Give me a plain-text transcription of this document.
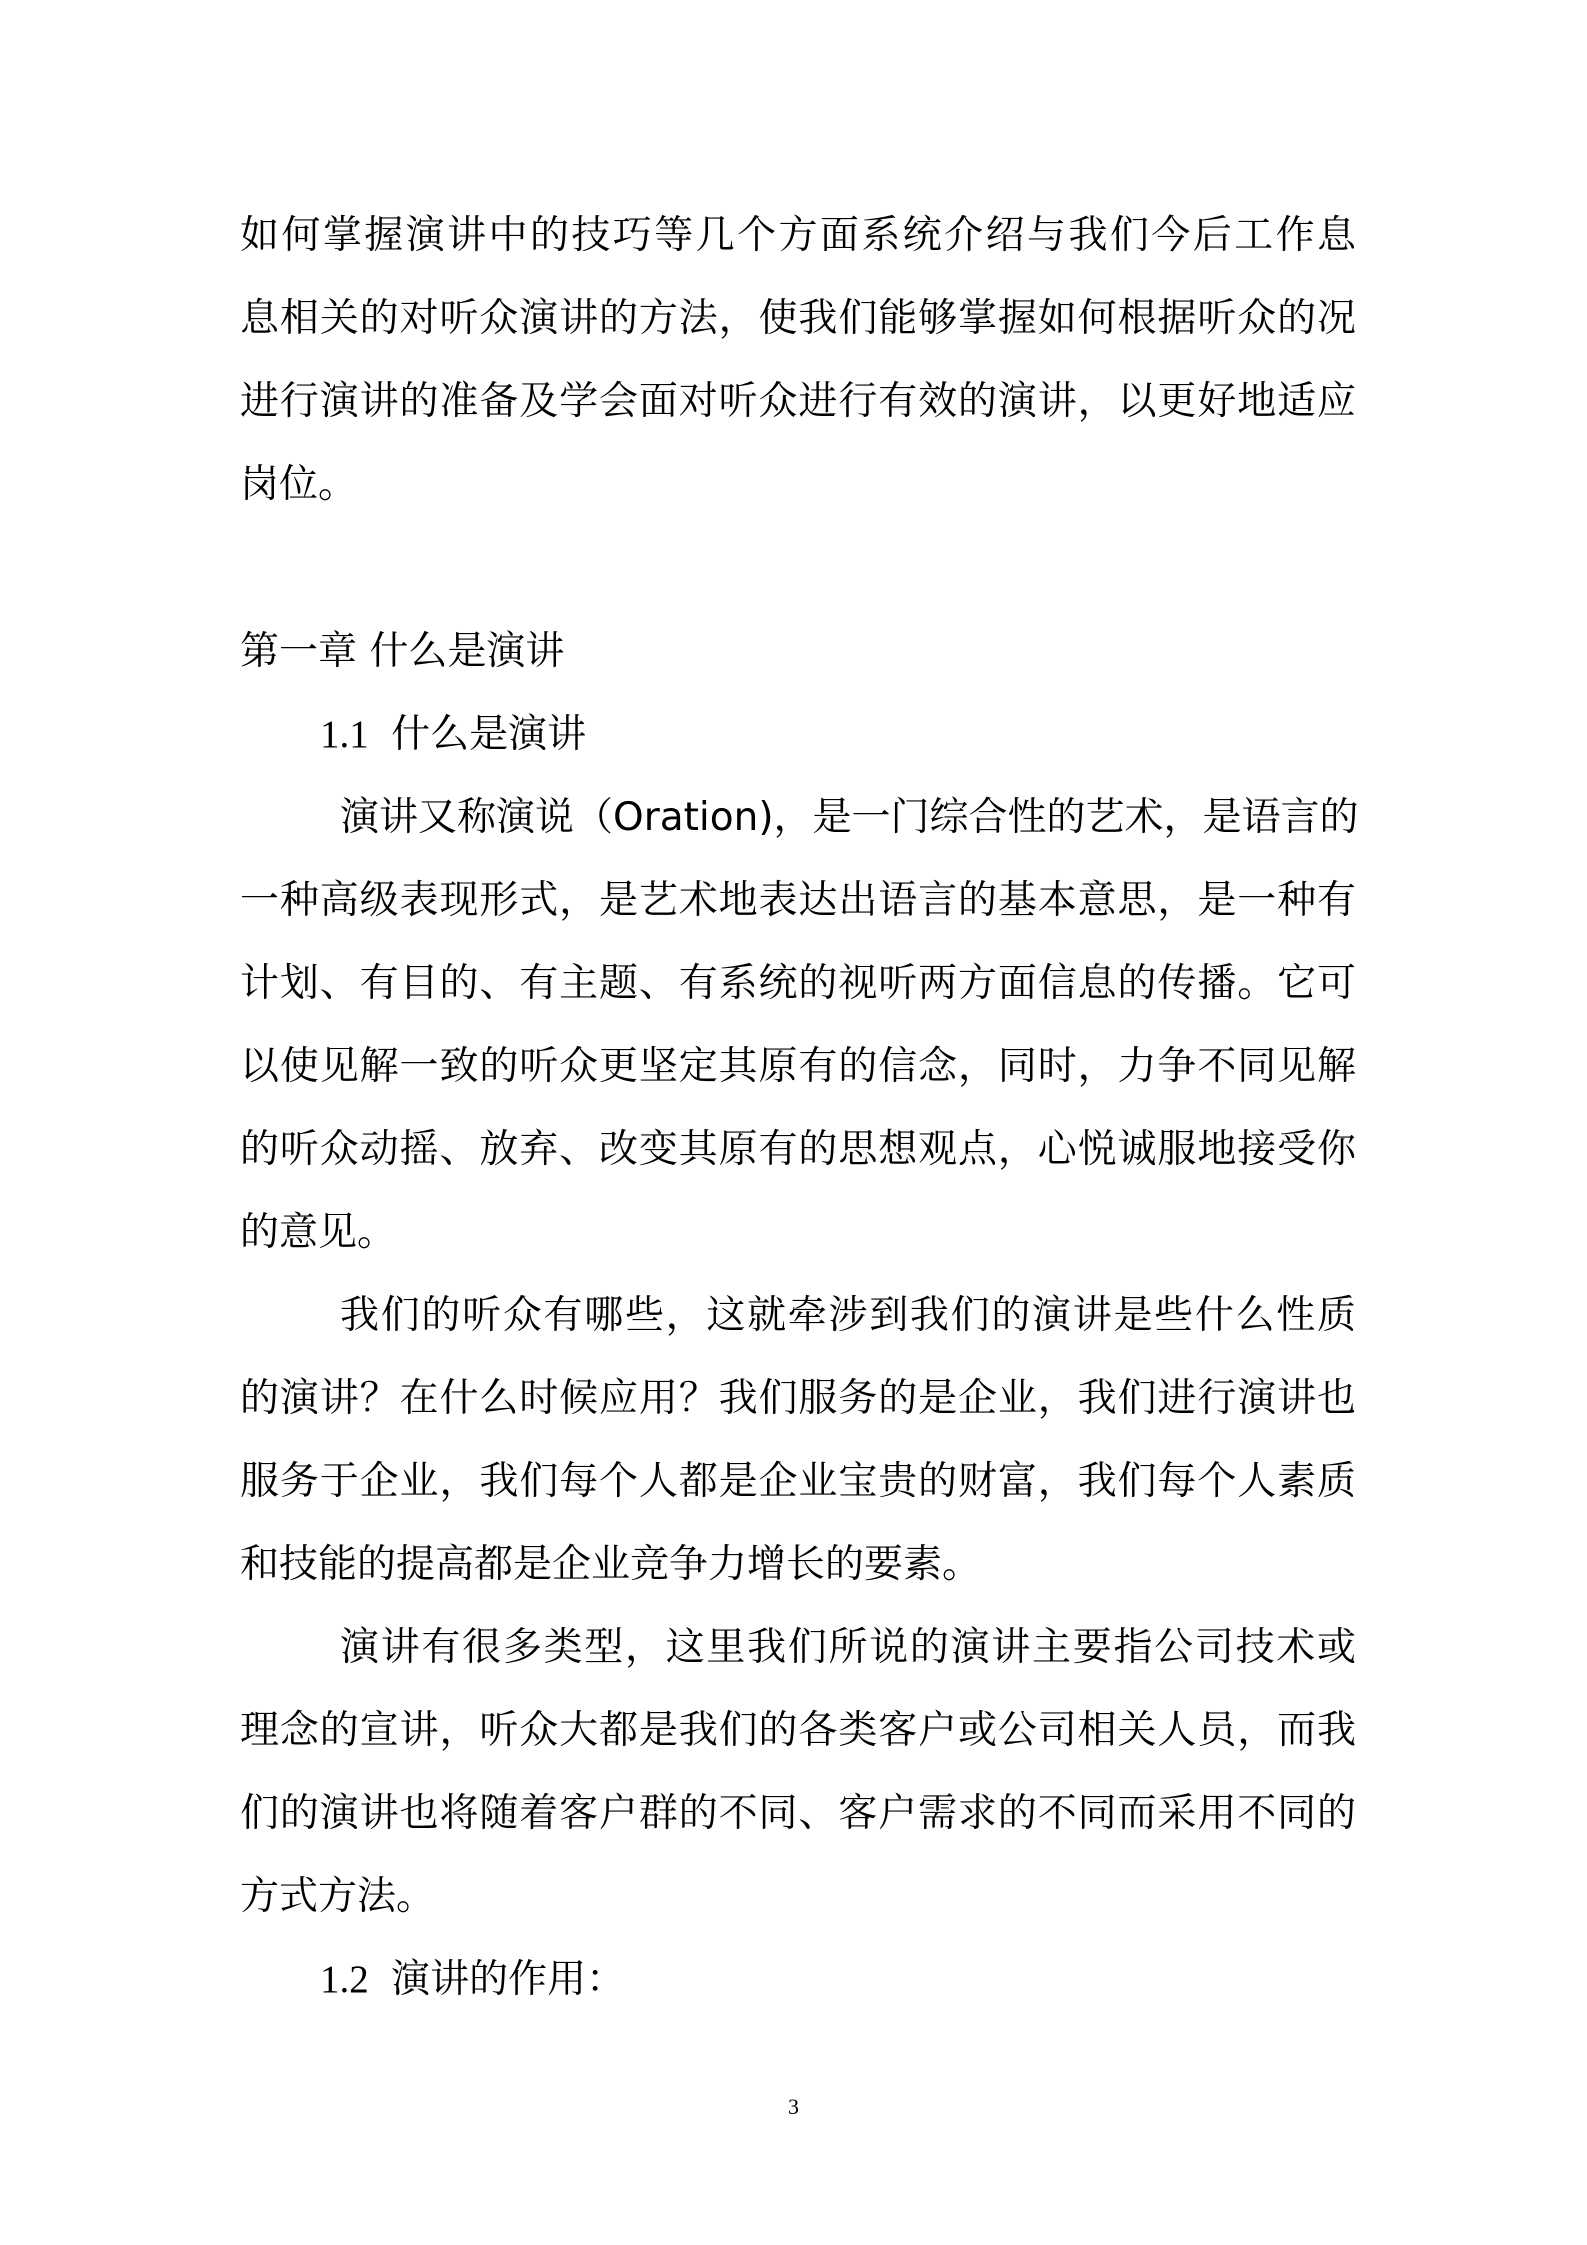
如何掌握演讲中的技巧等几个方面系统介绍与我们今后工作息
息相关的对听众演讲的方法，使我们能够掌握如何根据听众的况
进行演讲的准备及学会面对听众进行有效的演讲，以更好地适应
岗位。
第一章 什么是演讲
1.1 什么是演讲
演讲又称演说（Oration)，是一门综合性的艺术，是语言的
一种高级表现形式，是艺术地表达出语言的基本意思，是一种有
计划、有目的、有主题、有系统的视听两方面信息的传播。它可
以使见解一致的听众更坚定其原有的信念，同时，力争不同见解
的听众动摇、放弃、改变其原有的思想观点，心悦诚服地接受你
的意见。
我们的听众有哪些，这就牵涉到我们的演讲是些什么性质
的演讲？在什么时候应用？我们服务的是企业，我们进行演讲也
服务于企业，我们每个人都是企业宝贵的财富，我们每个人素质
和技能的提高都是企业竞争力增长的要素。
演讲有很多类型，这里我们所说的演讲主要指公司技术或
理念的宣讲，听众大都是我们的各类客户或公司相关人员，而我
们的演讲也将随着客户群的不同、客户需求的不同而采用不同的
方式方法。
1.2 演讲的作用：
3
